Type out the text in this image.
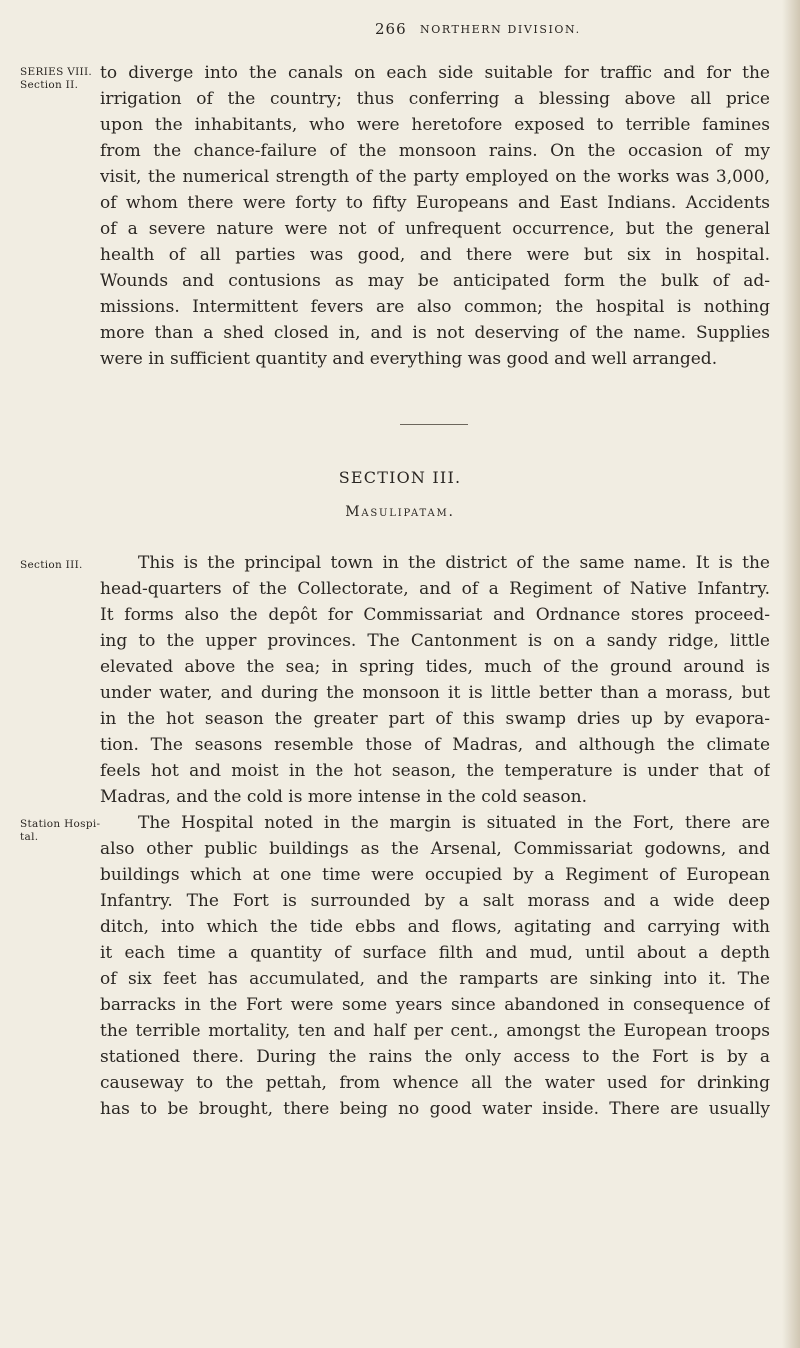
266 NORTHERN DIVISION.
SERIES VIII.
Section II.
to diverge into the canals on each side suitable for traffic and for the
irrigation of the country; thus conferring a blessing above all price
upon the inhabitants, who were heretofore exposed to terrible famines
from the chance-failure of the monsoon rains. On the occasion of my
visit, the numerical strength of the party employed on the works was 3,000,
of whom there were forty to fifty Europeans and East Indians. Accidents
of a severe nature were not of unfrequent occurrence, but the general
health of all parties was good, and there were but six in hospital.
Wounds and contusions as may be anticipated form the bulk of ad-
missions. Intermittent fevers are also common; the hospital is nothing
more than a shed closed in, and is not deserving of the name. Supplies
were in sufficient quantity and everything was good and well arranged.
SECTION III.
Masulipatam.
Section III.	This is the principal town in the district of the same name. It is the
head-quarters of the Collectorate, and of a Regiment of Native Infantry.
It forms also the depôt for Commissariat and Ordnance stores proceed-
ing to the upper provinces. The Cantonment is on a sandy ridge, little
elevated above the sea; in spring tides, much of the ground around is
under water, and during the monsoon it is little better than a morass, but
in the hot season the greater part of this swamp dries up by evapora-
tion. The seasons resemble those of Madras, and although the climate
feels hot and moist in the hot season, the temperature is under that of
Madras, and the cold is more intense in the cold season.
Station Hospi-
tal.
The Hospital noted in the margin is situated in the Fort, there are
also other public buildings as the Arsenal, Commissariat godowns, and
buildings which at one time were occupied by a Regiment of European
Infantry. The Fort is surrounded by a salt morass and a wide deep
ditch, into which the tide ebbs and flows, agitating and carrying with
it each time a quantity of surface filth and mud, until about a depth
of six feet has accumulated, and the ramparts are sinking into it. The
barracks in the Fort were some years since abandoned in consequence of
the terrible mortality, ten and half per cent., amongst the European troops
stationed there. During the rains the only access to the Fort is by a
causeway to the pettah, from whence all the water used for drinking
has to be brought, there being no good water inside. There are usually
